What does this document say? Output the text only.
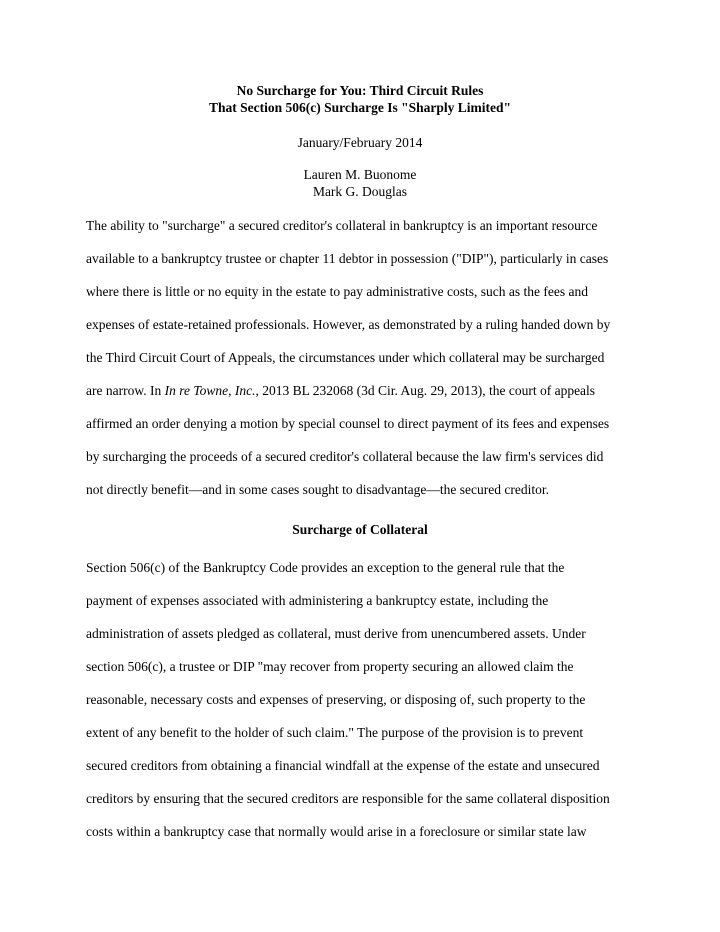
No Surcharge for You: Third Circuit Rules
That Section 506(c) Surcharge Is "Sharply Limited"
January/February 2014
Lauren M. Buonome
Mark G. Douglas
The ability to "surcharge" a secured creditor's collateral in bankruptcy is an important resource
available to a bankruptcy trustee or chapter 11 debtor in possession ("DIP"), particularly in cases
where there is little or no equity in the estate to pay administrative costs, such as the fees and
expenses of estate-retained professionals. However, as demonstrated by a ruling handed down by
the Third Circuit Court of Appeals, the circumstances under which collateral may be surcharged
are narrow. In In re Towne, Inc., 2013 BL 232068 (3d Cir. Aug. 29, 2013), the court of appeals
affirmed an order denying a motion by special counsel to direct payment of its fees and expenses
by surcharging the proceeds of a secured creditor's collateral because the law firm's services did
not directly benefit—and in some cases sought to disadvantage—the secured creditor.
Surcharge of Collateral
Section 506(c) of the Bankruptcy Code provides an exception to the general rule that the
payment of expenses associated with administering a bankruptcy estate, including the
administration of assets pledged as collateral, must derive from unencumbered assets. Under
section 506(c), a trustee or DIP "may recover from property securing an allowed claim the
reasonable, necessary costs and expenses of preserving, or disposing of, such property to the
extent of any benefit to the holder of such claim." The purpose of the provision is to prevent
secured creditors from obtaining a financial windfall at the expense of the estate and unsecured
creditors by ensuring that the secured creditors are responsible for the same collateral disposition
costs within a bankruptcy case that normally would arise in a foreclosure or similar state law
